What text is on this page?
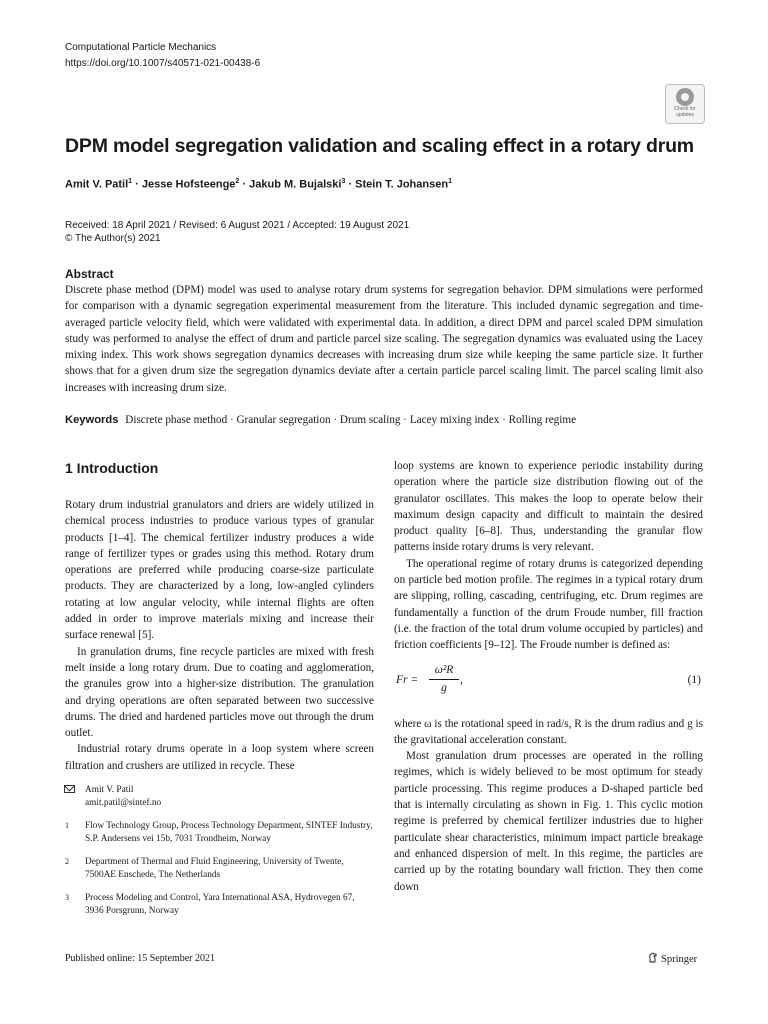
Computational Particle Mechanics
https://doi.org/10.1007/s40571-021-00438-6
Check for updates
DPM model segregation validation and scaling effect in a rotary drum
Amit V. Patil$^1$ · Jesse Hofsteenge$^2$ · Jakub M. Bujalski$^3$ · Stein T. Johansen$^1$
Received: 18 April 2021 / Revised: 6 August 2021 / Accepted: 19 August 2021
© The Author(s) 2021
Abstract

Discrete phase method (DPM) model was used to analyse rotary drum systems for segregation behavior. DPM simulations were performed for comparison with a dynamic segregation experimental measurement from the literature. This included dynamic segregation and time-averaged particle velocity field, which were validated with experimental data. In addition, a direct DPM and parcel scaled DPM simulation study was performed to analyse the effect of drum and particle parcel size scaling. The segregation dynamics was evaluated using the Lacey mixing index. This work shows segregation dynamics decreases with increasing drum size while keeping the same particle size. It further shows that for a given drum size the segregation dynamics deviate after a certain particle parcel scaling limit. The parcel scaling limit also increases with increasing drum size.

Keywords Discrete phase method · Granular segregation · Drum scaling · Lacey mixing index · Rolling regime
1 Introduction

Rotary drum industrial granulators and driers are widely utilized in chemical process industries to produce various types of granular products [1–4]. The chemical fertilizer industry produces a wide range of fertilizer types or grades using this method. Rotary drum operations are preferred while producing coarse-size particulate products. They are characterized by a long, low-angled cylinders rotating at low angular velocity, while internal flights are often added in order to improve materials mixing and increase their surface renewal [5].

In granulation drums, fine recycle particles are mixed with fresh melt inside a long rotary drum. Due to coating and agglomeration, the granules grow into a higher-size distribution. The granulation and drying operations are often separated between two successive drums. The dried and hardened particles move out through the drum outlet.

Industrial rotary drums operate in a loop system where screen filtration and crushers are utilized in recycle. These

Amit V. Patil
amit.patil@sintef.no
1 Flow Technology Group, Process Technology Department, SINTEF Industry, S.P. Andersens vei 15b, 7031 Trondheim, Norway
2 Department of Thermal and Fluid Engineering, University of Twente, 7500AE Enschede, The Netherlands
3 Process Modeling and Control, Yara International ASA, Hydrovegen 67, 3936 Porsgrunn, Norway

loop systems are known to experience periodic instability during operation where the particle size distribution flowing out of the granulator oscillates. This makes the loop to operate below their maximum design capacity and difficult to maintain the desired product quality [6–8]. Thus, understanding the granular flow patterns inside rotary drums is very relevant.

The operational regime of rotary drums is categorized depending on particle bed motion profile. The regimes in a typical rotary drum are slipping, rolling, cascading, centrifuging, etc. Drum regimes are fundamentally a function of the drum Froude number, fill fraction (i.e. the fraction of the total drum volume occupied by particles) and friction coefficients [9–12]. The Froude number is defined as:

$Fr = \frac{\text{ω²R}}{g}$ ,	(1)

where ω is the rotational speed in rad/s, R is the drum radius and g is the gravitational acceleration constant.

Most granulation drum processes are operated in the rolling regimes, which is widely believed to be most optimum for steady particle processing. This regime produces a D-shaped particle bed that is internally circulating as shown in Fig. 1. This cyclic motion regime is preferred by chemical fertilizer industries due to higher particulate shear characteristics, minimum impact particle breakage and enhanced dispersion of melt. In this regime, the particles are carried up by the rotating boundary wall friction. They then come down

Published online: 15 September 2021	Springer
